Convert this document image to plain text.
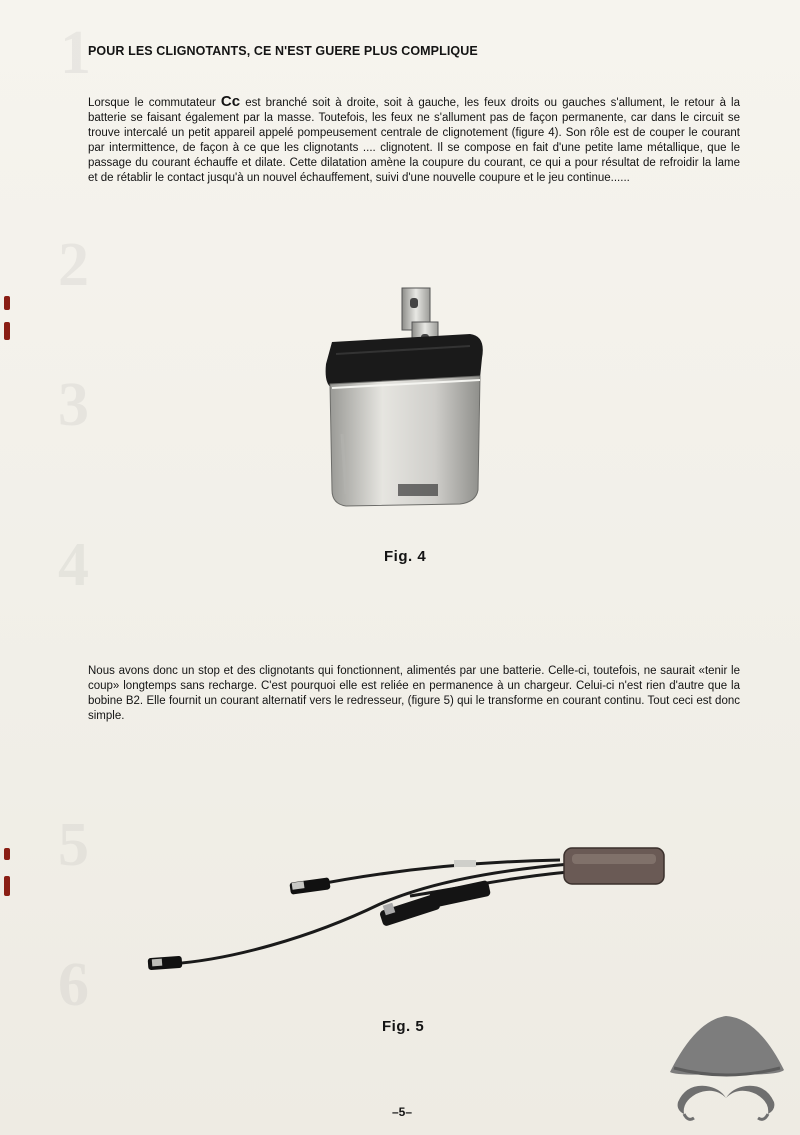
1
2
3
4
5
6
POUR LES CLIGNOTANTS, CE N'EST GUERE PLUS COMPLIQUE

Lorsque le commutateur Cc est branché soit à droite, soit à gauche, les feux droits ou gauches s'allument, le retour à la batterie se faisant également par la masse. Toutefois, les feux ne s'allument pas de façon permanente, car dans le circuit se trouve intercalé un petit appareil appelé pompeusement centrale de clignotement (figure 4). Son rôle est de couper le courant par intermittence, de façon à ce que les clignotants .... clignotent. Il se compose en fait d'une petite lame métallique, que le passage du courant échauffe et dilate. Cette dilatation amène la coupure du courant, ce qui a pour résultat de refroidir la lame et de rétablir le contact jusqu'à un nouvel échauffement, suivi d'une nouvelle coupure et le jeu continue......

Fig. 4

Nous avons donc un stop et des clignotants qui fonctionnent, alimentés par une batterie. Celle-ci, toutefois, ne saurait «tenir le coup» longtemps sans recharge. C'est pourquoi elle est reliée en permanence à un chargeur. Celui-ci n'est rien d'autre que la bobine B2. Elle fournit un courant alternatif vers le redresseur, (figure 5) qui le transforme en courant continu. Tout ceci est donc simple.

Fig. 5
–5–
